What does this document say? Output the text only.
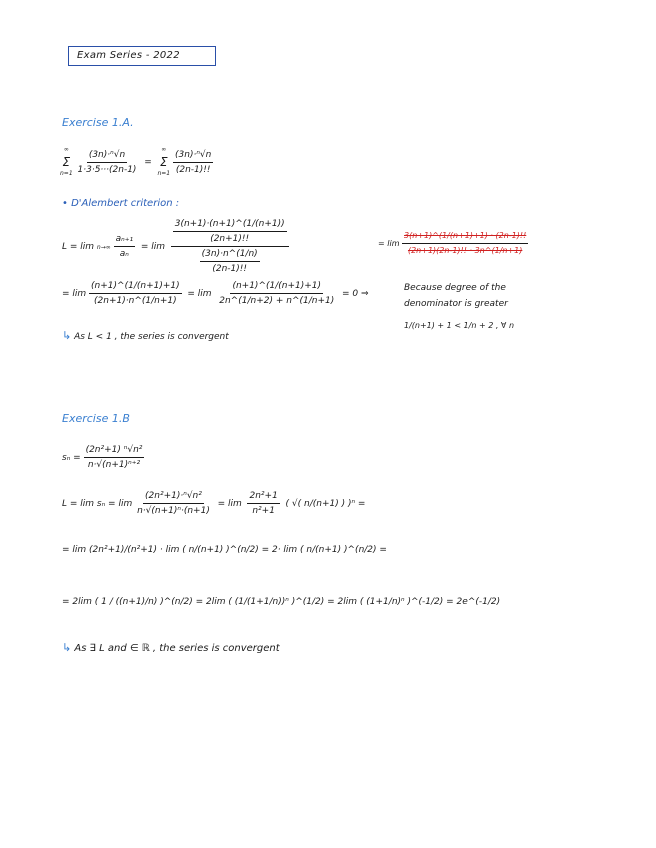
Exam Series - 2022
Exercise 1.A.
∞
Σ
n=1
$\frac{\text{(3n)·ⁿ√n}}{1\cdot 3\cdot 5\cdot\cdot\cdot(2n-1)}$ =
∞
Σ
n=1
$\frac{\text{(3n)·ⁿ√n}}{(2n-1)!!}$
• D'Alembert criterion :
$L = \lim n\to\infty \frac{\text{aₙ₊₁}}{\text{aₙ}} = \lim \frac{\frac{3(n+1)\cdot(n+1)\^{}(1/(n+1))}{(2n+1)!!}}{\frac{(3n)\cdot n\^{}(1/n)}{(2n-1)!!}}$	= $\lim \frac{3(n+1)\^{}(1/(n+1)+1) \cdot (2n-1)!!}{(2n+1)(2n-1)!! \cdot 3n\^{}(1/n+1)}$
= $\lim \frac{(n+1)\^{}(1/(n+1)+1)}{(2n+1)\cdot n\^{}(1/n+1)} = \lim \frac{(n+1)\^{}(1/(n+1)+1)}{2n\^{}(1/n+2) + n\^{}(1/n+1)} = 0$ ⇒
Because degree of the
denominator is greater
1/(n+1) + 1 < 1/n + 2 , ∀ n
↳ As L < 1 , the series is convergent
Exercise 1.B
$s_n = \frac{\text{(2n²+1) ⁿ√n²}}{\text{n·√(n+1)ⁿ⁺²}}$
$L = \lim s_n = \lim \frac{\text{(2n²+1)·ⁿ√n²}}{\text{n·√(n+1)ⁿ·(n+1)}} = \lim \frac{\text{2n²+1}}{\text{n²+1}}$ ( √( n/(n+1) ) )ⁿ =
= lim (2n²+1)/(n²+1) · lim ( n/(n+1) )^(n/2) = 2· lim ( n/(n+1) )^(n/2) =
= 2lim ( 1 / ((n+1)/n) )^(n/2) = 2lim ( (1/(1+1/n))ⁿ )^(1/2) = 2lim ( (1+1/n)ⁿ )^(-1/2) = 2e^(-1/2)
↳ As ∃ L and ∈ ℝ , the series is convergent
